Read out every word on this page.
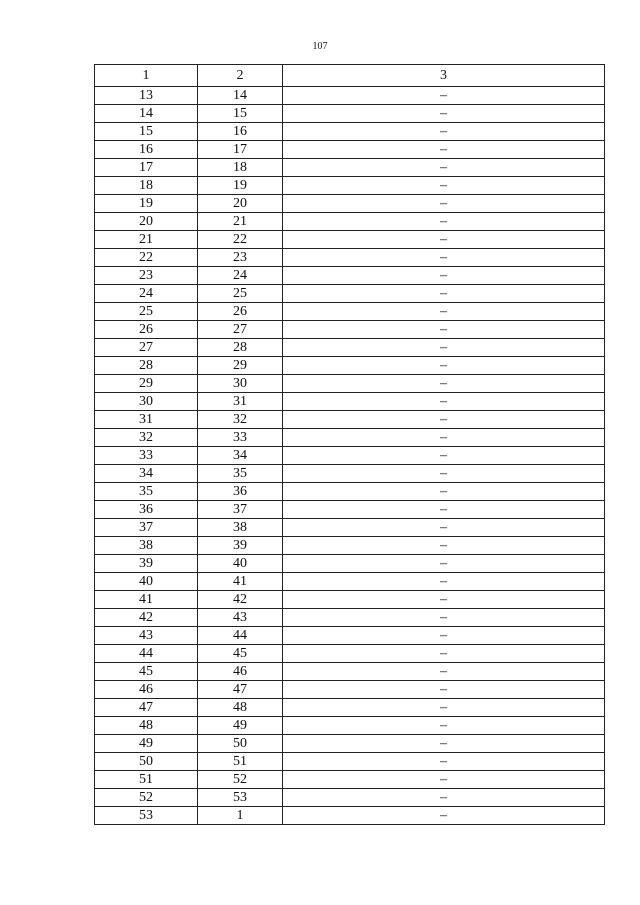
107
1	2	3
13	14	–
14	15	–
15	16	–
16	17	–
17	18	–
18	19	–
19	20	–
20	21	–
21	22	–
22	23	–
23	24	–
24	25	–
25	26	–
26	27	–
27	28	–
28	29	–
29	30	–
30	31	–
31	32	–
32	33	–
33	34	–
34	35	–
35	36	–
36	37	–
37	38	–
38	39	–
39	40	–
40	41	–
41	42	–
42	43	–
43	44	–
44	45	–
45	46	–
46	47	–
47	48	–
48	49	–
49	50	–
50	51	–
51	52	–
52	53	–
53	1	–
